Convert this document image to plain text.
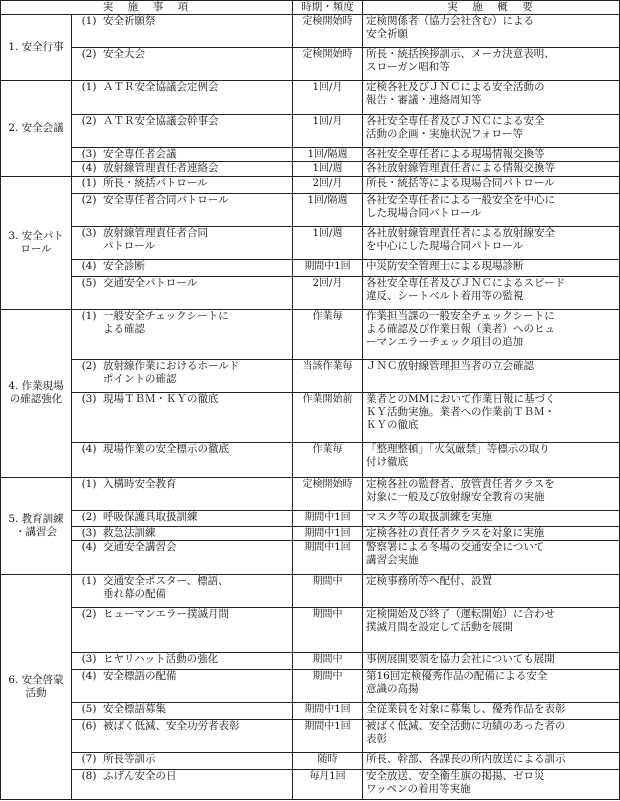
実　施　事　項		時期・頻度	実　施　概　要

1. 安全行事	(1) 安全祈願祭	定検開始時	定検関係者（協力会社含む）による
安全祈願

	(2) 安全大会	定検開始時	所長・統括挨拶訓示、メーカ決意表明、
スローガン唱和等

2. 安全会議	(1) ＡＴＲ安全協議会定例会	1回/月	定検各社及びＪＮＣによる安全活動の
報告・審議・連絡周知等

	(2) ＡＴＲ安全協議会幹事会	1回/月	各社安全専任者及びＪＮＣによる安全
活動の企画・実施状況フォロー等

	(3) 安全専任者会議	1回/隔週	各社安全専任者による現場情報交換等

	(4) 放射線管理責任者連絡会	1回/週	各社放射線管理責任者による情報交換等

3. 安全パト
ロール	(1) 所長・統括パトロール	2回/月	所長・統括等による現場合同パトロール

	(2) 安全専任者合同パトロール	1回/隔週	各社安全専任者による一般安全を中心に
した現場合同パトロール

	(3) 放射線管理責任者合同
パトロール	1回/週	各社放射線管理責任者による放射線安全
を中心にした現場合同パトロール

	(4) 安全診断	期間中1回	中災防安全管理士による現場診断

	(5) 交通安全パトロール	2回/月	各社安全専任者及びＪＮＣによるスピード
違反、シートベルト着用等の監視

4. 作業現場
の確認強化	(1) 一般安全チェックシートに
よる確認	作業毎	作業担当課の一般安全チェックシートに
よる確認及び作業日報（業者）へのヒュ
ーマンエラーチェック項目の追加

	(2) 放射線作業におけるホールド
ポイントの確認	当該作業毎	ＪＮＣ放射線管理担当者の立会確認

	(3) 現場ＴＢＭ・ＫＹの徹底	作業開始前	業者とのMMにおいて作業日報に基づく
ＫＹ活動実施。業者への作業前ＴＢＭ・
ＫＹの徹底

	(4) 現場作業の安全標示の徹底	作業毎	「整理整頓」「火気厳禁」等標示の取り
付け徹底

5. 教育訓練
・講習会	(1) 入構時安全教育	定検開始時	定検各社の監督者、放管責任者クラスを
対象に一般及び放射線安全教育の実施

	(2) 呼吸保護具取扱訓練	期間中1回	マスク等の取扱訓練を実施

	(3) 救急法訓練	期間中1回	定検各社の責任者クラスを対象に実施

	(4) 交通安全講習会	期間中1回	警察署による冬場の交通安全について
講習会実施

6. 安全啓蒙
活動	(1) 交通安全ポスター、標語、
垂れ幕の配備	期間中	定検事務所等へ配付、設置

	(2) ヒューマンエラー撲滅月間	期間中	定検開始及び終了（運転開始）に合わせ
撲滅月間を設定して活動を展開

	(3) ヒヤリハット活動の強化	期間中	事例展開要領を協力会社についても展開

	(4) 安全標語の配備	期間中	第16回定検優秀作品の配備による安全
意識の高揚

	(5) 安全標語募集	期間中1回	全従業員を対象に募集し、優秀作品を表彰

	(6) 被ばく低減、安全功労者表彰	期間中1回	被ばく低減、安全活動に功績のあった者の
表彰

	(7) 所長等訓示	随時	所長、幹部、各課長の所内放送による訓示

	(8) ふげん安全の日	毎月1回	安全放送、安全衛生旗の掲揚、ゼロ災
ワッペンの着用等実施
